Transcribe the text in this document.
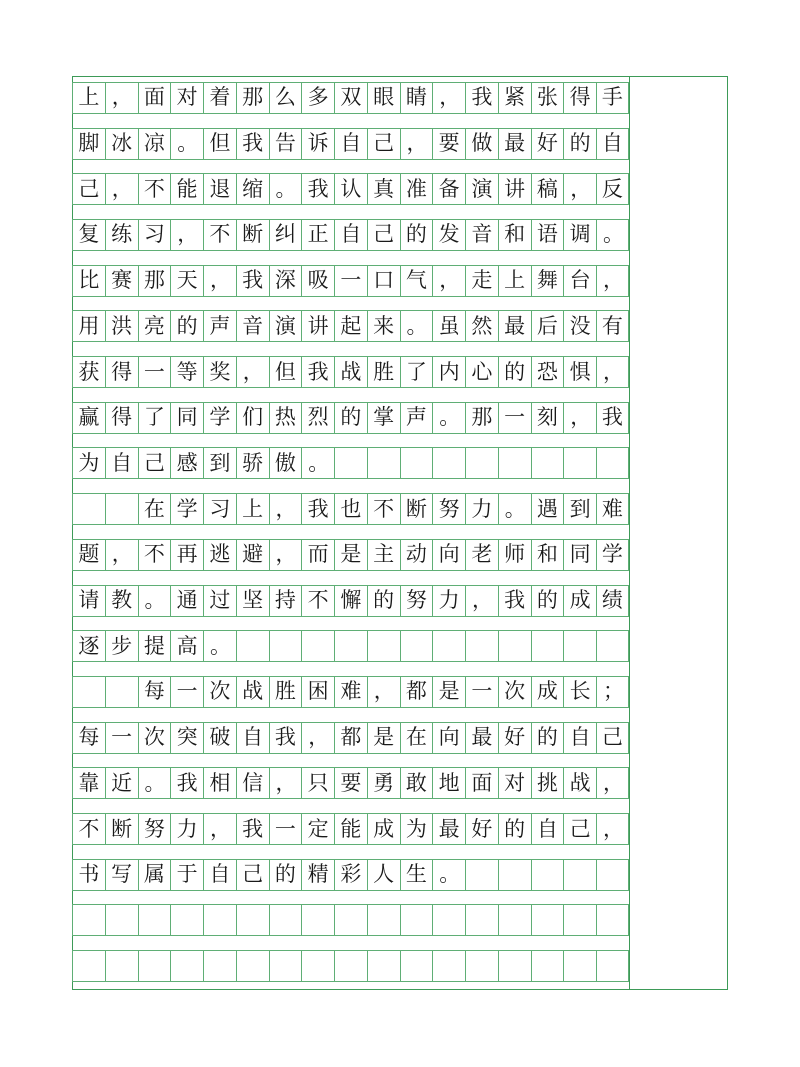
上 ， 面 对 着 那 么 多 双 眼 睛 ， 我 紧 张 得 手
脚 冰 凉 。 但 我 告 诉 自 己 ， 要 做 最 好 的 自
己 ， 不 能 退 缩 。 我 认 真 准 备 演 讲 稿 ， 反
复 练 习 ， 不 断 纠 正 自 己 的 发 音 和 语 调 。
比 赛 那 天 ， 我 深 吸 一 口 气 ， 走 上 舞 台 ，
用 洪 亮 的 声 音 演 讲 起 来 。 虽 然 最 后 没 有
获 得 一 等 奖 ， 但 我 战 胜 了 内 心 的 恐 惧 ，
赢 得 了 同 学 们 热 烈 的 掌 声 。 那 一 刻 ， 我
为 自 己 感 到 骄 傲 。
在 学 习 上 ， 我 也 不 断 努 力 。 遇 到 难
题 ， 不 再 逃 避 ， 而 是 主 动 向 老 师 和 同 学
请 教 。 通 过 坚 持 不 懈 的 努 力 ， 我 的 成 绩
逐 步 提 高 。
每 一 次 战 胜 困 难 ， 都 是 一 次 成 长 ；
每 一 次 突 破 自 我 ， 都 是 在 向 最 好 的 自 己
靠 近 。 我 相 信 ， 只 要 勇 敢 地 面 对 挑 战 ，
不 断 努 力 ， 我 一 定 能 成 为 最 好 的 自 己 ，
书 写 属 于 自 己 的 精 彩 人 生 。
